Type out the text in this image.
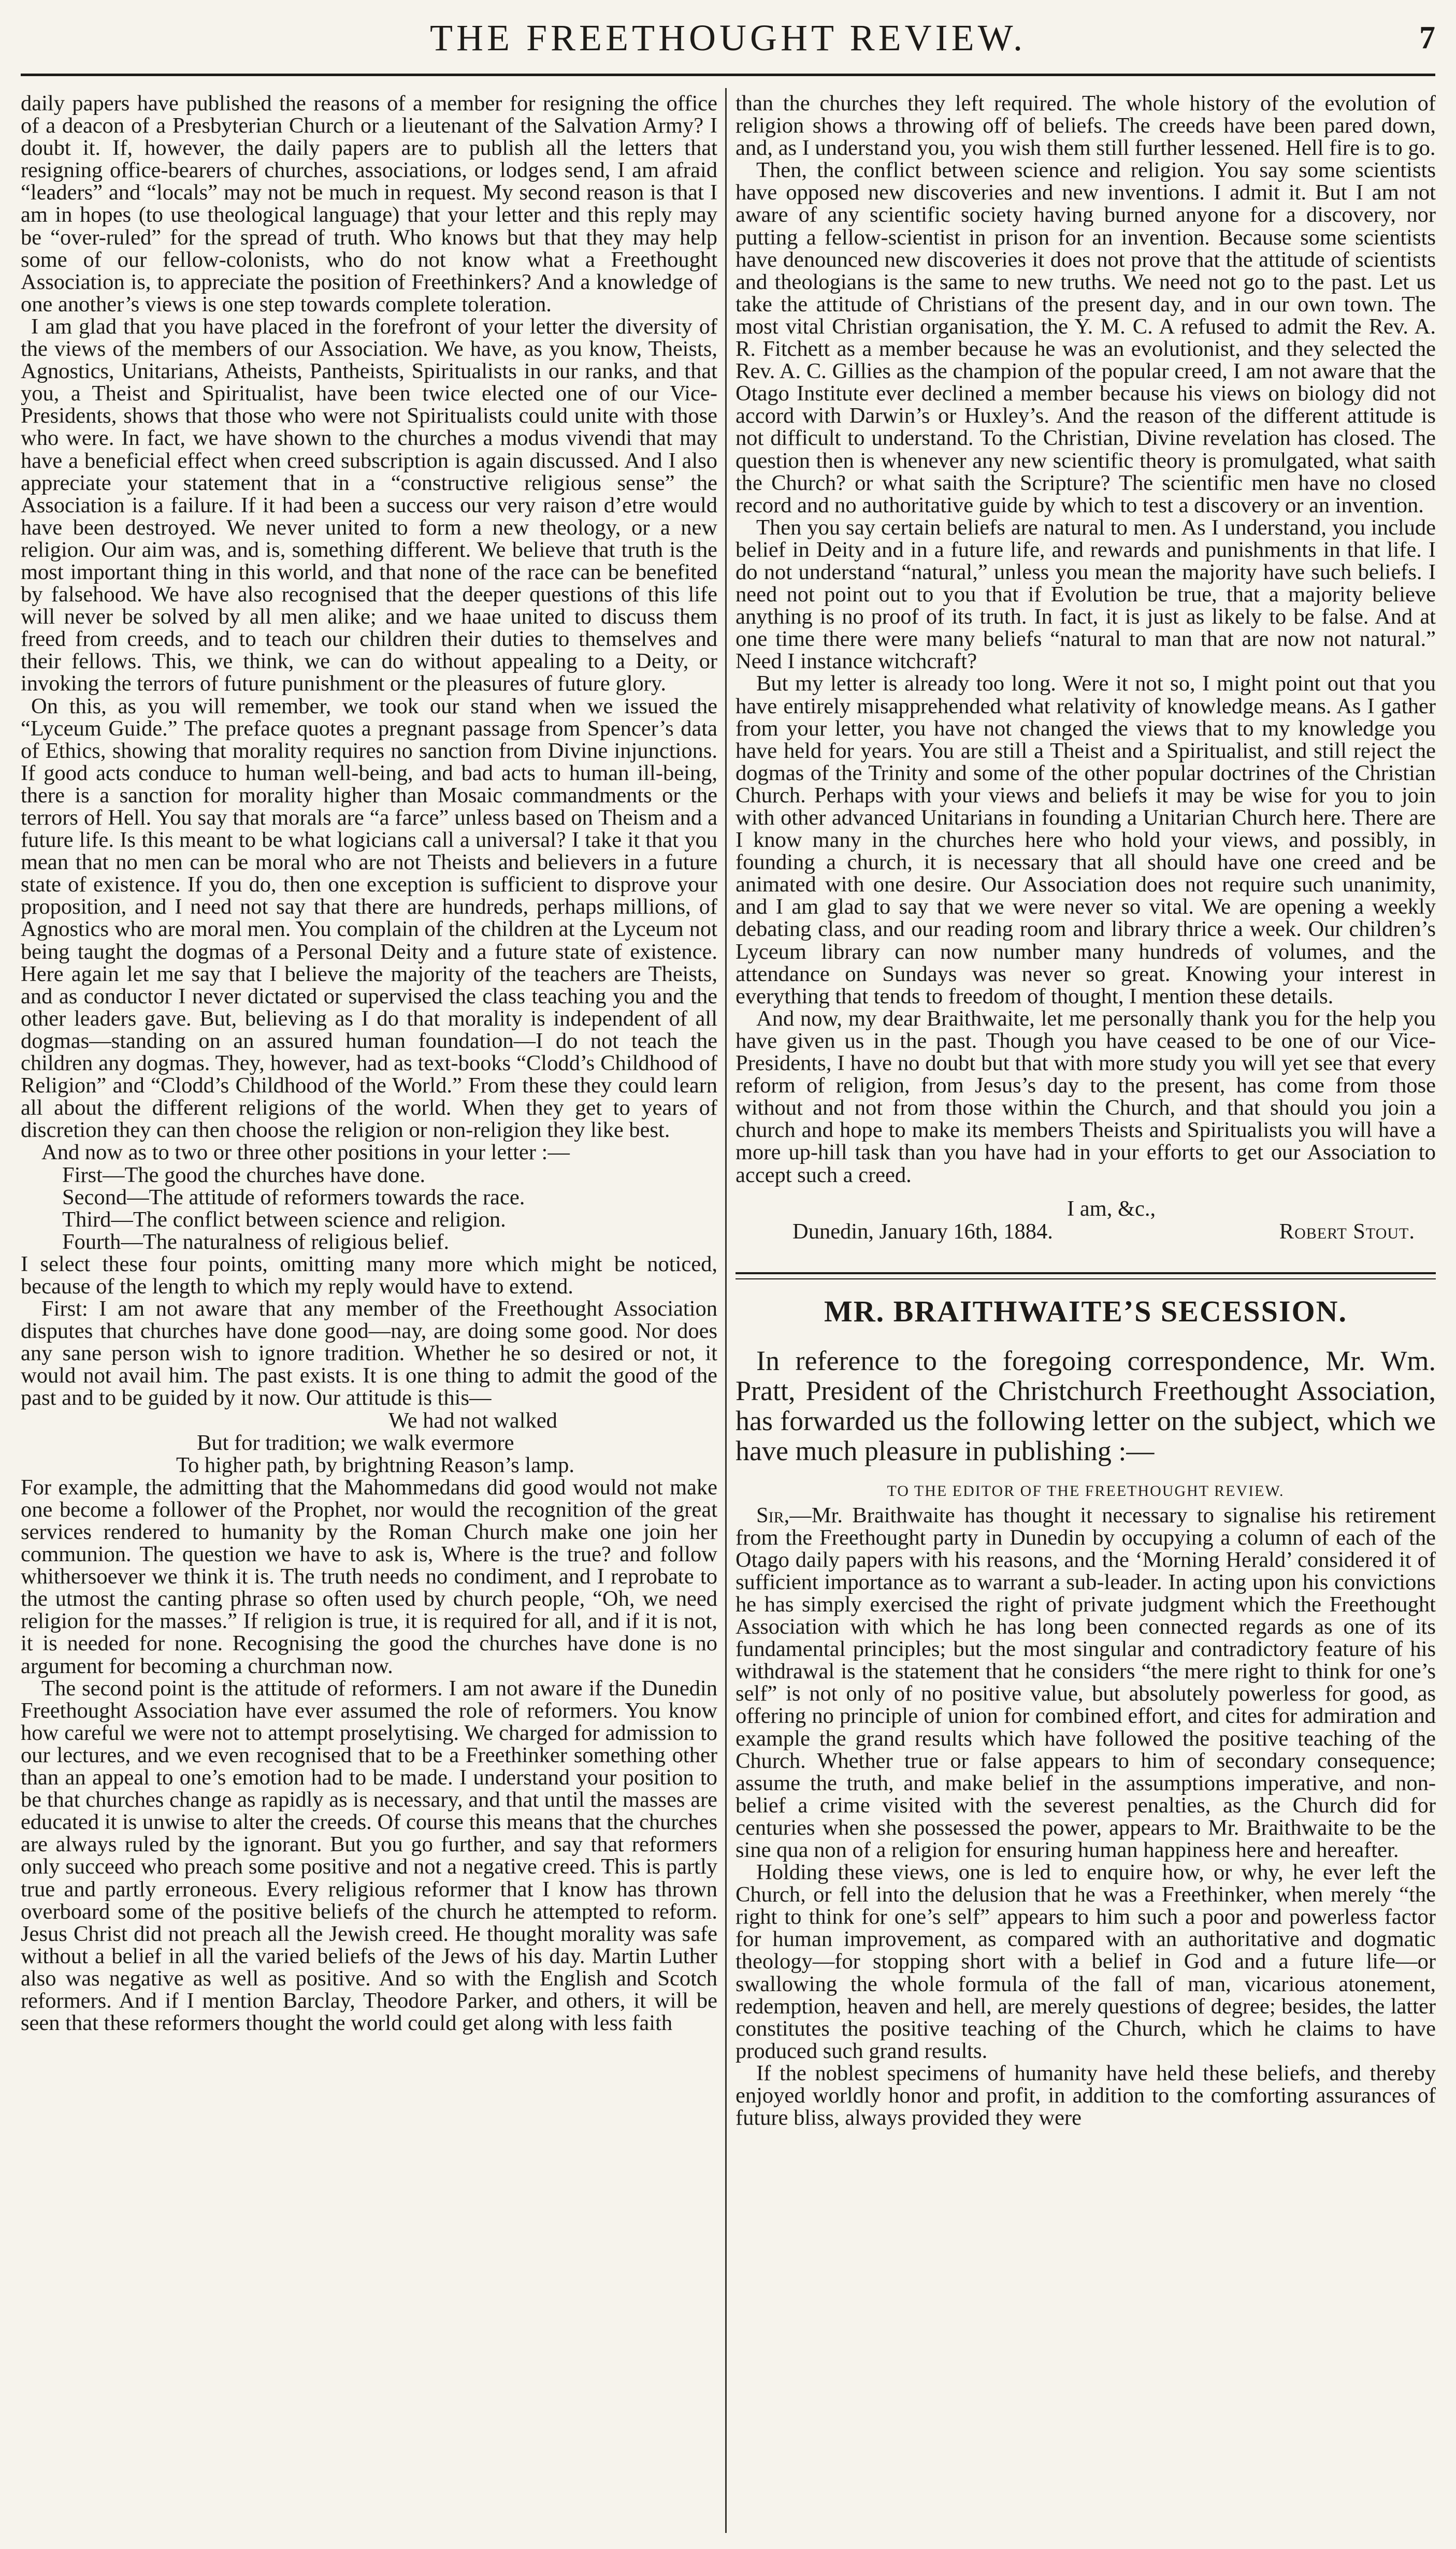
THE FREETHOUGHT REVIEW.	7

daily papers have published the reasons of a member for resigning the office of a deacon of a Presbyterian Church or a lieutenant of the Salvation Army? I doubt it. If, however, the daily papers are to publish all the letters that resigning office-bearers of churches, associations, or lodges send, I am afraid “leaders” and “locals” may not be much in request. My second reason is that I am in hopes (to use theological language) that your letter and this reply may be “over-ruled” for the spread of truth. Who knows but that they may help some of our fellow-colonists, who do not know what a Freethought Association is, to appreciate the position of Freethinkers? And a knowledge of one another’s views is one step towards complete toleration.

I am glad that you have placed in the forefront of your letter the diversity of the views of the members of our Association. We have, as you know, Theists, Agnostics, Unitarians, Atheists, Pantheists, Spiritualists in our ranks, and that you, a Theist and Spiritualist, have been twice elected one of our Vice-Presidents, shows that those who were not Spiritualists could unite with those who were. In fact, we have shown to the churches a modus vivendi that may have a beneficial effect when creed subscription is again discussed. And I also appreciate your statement that in a “constructive religious sense” the Association is a failure. If it had been a success our very raison d’etre would have been destroyed. We never united to form a new theology, or a new religion. Our aim was, and is, something different. We believe that truth is the most important thing in this world, and that none of the race can be benefited by falsehood. We have also recognised that the deeper questions of this life will never be solved by all men alike; and we haae united to discuss them freed from creeds, and to teach our children their duties to themselves and their fellows. This, we think, we can do without appealing to a Deity, or invoking the terrors of future punishment or the pleasures of future glory.

On this, as you will remember, we took our stand when we issued the “Lyceum Guide.” The preface quotes a pregnant passage from Spencer’s data of Ethics, showing that morality requires no sanction from Divine injunctions. If good acts conduce to human well-being, and bad acts to human ill-being, there is a sanction for morality higher than Mosaic commandments or the terrors of Hell. You say that morals are “a farce” unless based on Theism and a future life. Is this meant to be what logicians call a universal? I take it that you mean that no men can be moral who are not Theists and believers in a future state of existence. If you do, then one exception is sufficient to disprove your proposition, and I need not say that there are hundreds, perhaps millions, of Agnostics who are moral men. You complain of the children at the Lyceum not being taught the dogmas of a Personal Deity and a future state of existence. Here again let me say that I believe the majority of the teachers are Theists, and as conductor I never dictated or supervised the class teaching you and the other leaders gave. But, believing as I do that morality is independent of all dogmas—standing on an assured human foundation—I do not teach the children any dogmas. They, however, had as text-books “Clodd’s Childhood of Religion” and “Clodd’s Childhood of the World.” From these they could learn all about the different religions of the world. When they get to years of discretion they can then choose the religion or non-religion they like best.

And now as to two or three other positions in your letter :—

First—The good the churches have done.

Second—The attitude of reformers towards the race.

Third—The conflict between science and religion.

Fourth—The naturalness of religious belief.

I select these four points, omitting many more which might be noticed, because of the length to which my reply would have to extend.

First: I am not aware that any member of the Freethought Association disputes that churches have done good—nay, are doing some good. Nor does any sane person wish to ignore tradition. Whether he so desired or not, it would not avail him. The past exists. It is one thing to admit the good of the past and to be guided by it now. Our attitude is this—

We had not walked

But for tradition; we walk evermore

To higher path, by brightning Reason’s lamp.

For example, the admitting that the Mahommedans did good would not make one become a follower of the Prophet, nor would the recognition of the great services rendered to humanity by the Roman Church make one join her communion. The question we have to ask is, Where is the true? and follow whithersoever we think it is. The truth needs no condiment, and I reprobate to the utmost the canting phrase so often used by church people, “Oh, we need religion for the masses.” If religion is true, it is required for all, and if it is not, it is needed for none. Recognising the good the churches have done is no argument for becoming a churchman now.

The second point is the attitude of reformers. I am not aware if the Dunedin Freethought Association have ever assumed the role of reformers. You know how careful we were not to attempt proselytising. We charged for admission to our lectures, and we even recognised that to be a Freethinker something other than an appeal to one’s emotion had to be made. I understand your position to be that churches change as rapidly as is necessary, and that until the masses are educated it is unwise to alter the creeds. Of course this means that the churches are always ruled by the ignorant. But you go further, and say that reformers only succeed who preach some positive and not a negative creed. This is partly true and partly erroneous. Every religious reformer that I know has thrown overboard some of the positive beliefs of the church he attempted to reform. Jesus Christ did not preach all the Jewish creed. He thought morality was safe without a belief in all the varied beliefs of the Jews of his day. Martin Luther also was negative as well as positive. And so with the English and Scotch reformers. And if I mention Barclay, Theodore Parker, and others, it will be seen that these reformers thought the world could get along with less faith

than the churches they left required. The whole history of the evolution of religion shows a throwing off of beliefs. The creeds have been pared down, and, as I understand you, you wish them still further lessened. Hell fire is to go.

Then, the conflict between science and religion. You say some scientists have opposed new discoveries and new inventions. I admit it. But I am not aware of any scientific society having burned anyone for a discovery, nor putting a fellow-scientist in prison for an invention. Because some scientists have denounced new discoveries it does not prove that the attitude of scientists and theologians is the same to new truths. We need not go to the past. Let us take the attitude of Christians of the present day, and in our own town. The most vital Christian organisation, the Y. M. C. A refused to admit the Rev. A. R. Fitchett as a member because he was an evolutionist, and they selected the Rev. A. C. Gillies as the champion of the popular creed, I am not aware that the Otago Institute ever declined a member because his views on biology did not accord with Darwin’s or Huxley’s. And the reason of the different attitude is not difficult to understand. To the Christian, Divine revelation has closed. The question then is whenever any new scientific theory is promulgated, what saith the Church? or what saith the Scripture? The scientific men have no closed record and no authoritative guide by which to test a discovery or an invention.

Then you say certain beliefs are natural to men. As I understand, you include belief in Deity and in a future life, and rewards and punishments in that life. I do not understand “natural,” unless you mean the majority have such beliefs. I need not point out to you that if Evolution be true, that a majority believe anything is no proof of its truth. In fact, it is just as likely to be false. And at one time there were many beliefs “natural to man that are now not natural.” Need I instance witchcraft?

But my letter is already too long. Were it not so, I might point out that you have entirely misapprehended what relativity of knowledge means. As I gather from your letter, you have not changed the views that to my knowledge you have held for years. You are still a Theist and a Spiritualist, and still reject the dogmas of the Trinity and some of the other popular doctrines of the Christian Church. Perhaps with your views and beliefs it may be wise for you to join with other advanced Unitarians in founding a Unitarian Church here. There are I know many in the churches here who hold your views, and possibly, in founding a church, it is necessary that all should have one creed and be animated with one desire. Our Association does not require such unanimity, and I am glad to say that we were never so vital. We are opening a weekly debating class, and our reading room and library thrice a week. Our children’s Lyceum library can now number many hundreds of volumes, and the attendance on Sundays was never so great. Knowing your interest in everything that tends to freedom of thought, I mention these details.

And now, my dear Braithwaite, let me personally thank you for the help you have given us in the past. Though you have ceased to be one of our Vice-Presidents, I have no doubt but that with more study you will yet see that every reform of religion, from Jesus’s day to the present, has come from those without and not from those within the Church, and that should you join a church and hope to make its members Theists and Spiritualists you will have a more up-hill task than you have had in your efforts to get our Association to accept such a creed.

I am, &c.,
Dunedin, January 16th, 1884.	Robert Stout.
MR. BRAITHWAITE’S SECESSION.

In reference to the foregoing correspondence, Mr. Wm. Pratt, President of the Christchurch Freethought Association, has forwarded us the following letter on the subject, which we have much pleasure in publishing :—

TO THE EDITOR OF THE FREETHOUGHT REVIEW.

Sir,—Mr. Braithwaite has thought it necessary to signalise his retirement from the Freethought party in Dunedin by occupying a column of each of the Otago daily papers with his reasons, and the ‘Morning Herald’ considered it of sufficient importance as to warrant a sub-leader. In acting upon his convictions he has simply exercised the right of private judgment which the Freethought Association with which he has long been connected regards as one of its fundamental principles; but the most singular and contradictory feature of his withdrawal is the statement that he considers “the mere right to think for one’s self” is not only of no positive value, but absolutely powerless for good, as offering no principle of union for combined effort, and cites for admiration and example the grand results which have followed the positive teaching of the Church. Whether true or false appears to him of secondary consequence; assume the truth, and make belief in the assumptions imperative, and non-belief a crime visited with the severest penalties, as the Church did for centuries when she possessed the power, appears to Mr. Braithwaite to be the sine qua non of a religion for ensuring human happiness here and hereafter.

Holding these views, one is led to enquire how, or why, he ever left the Church, or fell into the delusion that he was a Freethinker, when merely “the right to think for one’s self” appears to him such a poor and powerless factor for human improvement, as compared with an authoritative and dogmatic theology—for stopping short with a belief in God and a future life—or swallowing the whole formula of the fall of man, vicarious atonement, redemption, heaven and hell, are merely questions of degree; besides, the latter constitutes the positive teaching of the Church, which he claims to have produced such grand results.

If the noblest specimens of humanity have held these beliefs, and thereby enjoyed worldly honor and profit, in addition to the comforting assurances of future bliss, always provided they were
